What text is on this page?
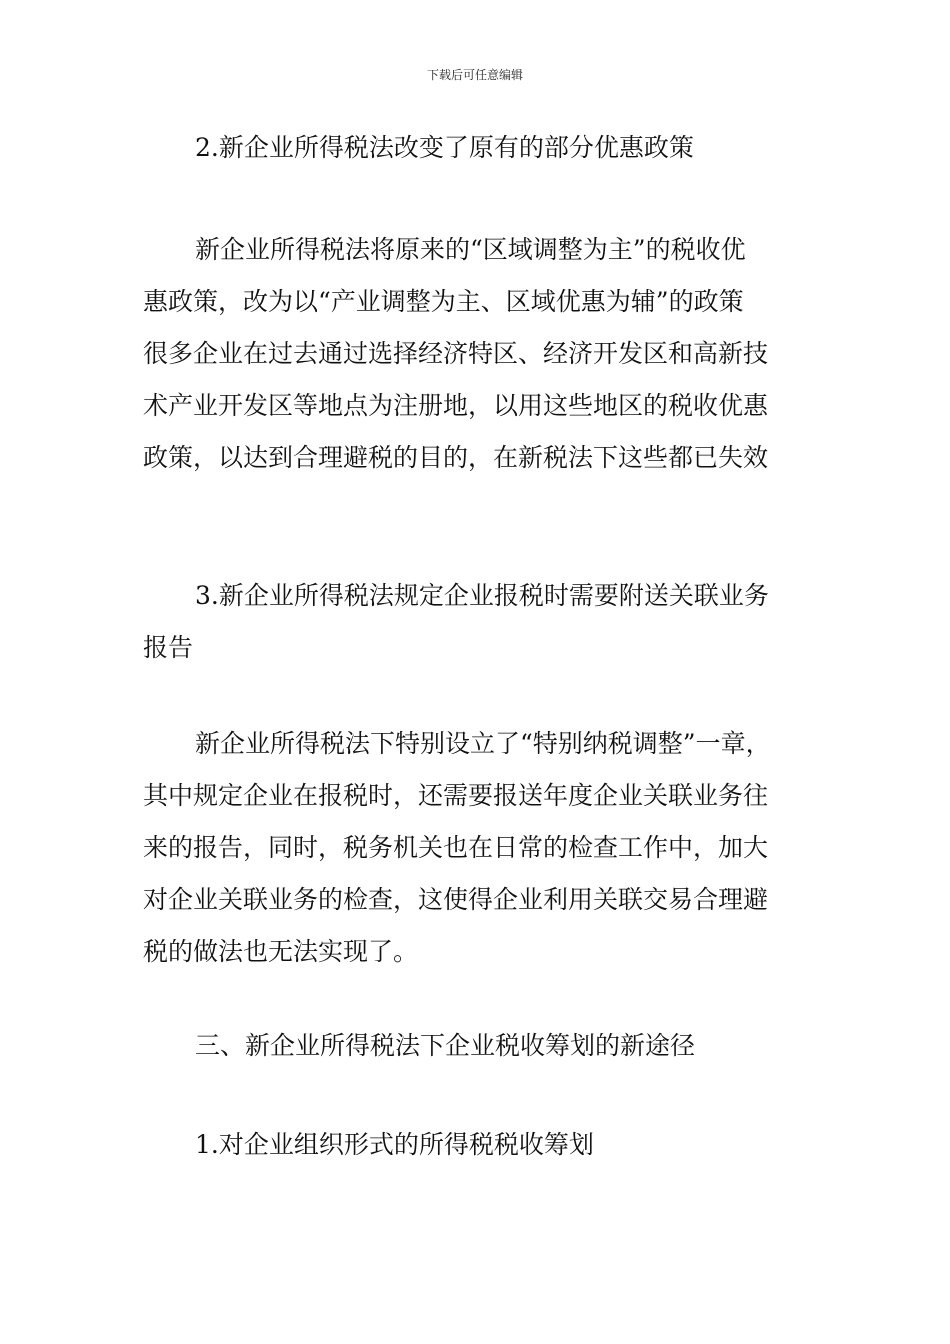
下载后可任意编辑
2.新企业所得税法改变了原有的部分优惠政策
新企业所得税法将原来的“区域调整为主”的税收优
惠政策，改为以“产业调整为主、区域优惠为辅”的政策
很多企业在过去通过选择经济特区、经济开发区和高新技
术产业开发区等地点为注册地，以用这些地区的税收优惠
政策，以达到合理避税的目的，在新税法下这些都已失效
3.新企业所得税法规定企业报税时需要附送关联业务
报告
新企业所得税法下特别设立了“特别纳税调整”一章，
其中规定企业在报税时，还需要报送年度企业关联业务往
来的报告，同时，税务机关也在日常的检查工作中，加大
对企业关联业务的检查，这使得企业利用关联交易合理避
税的做法也无法实现了。
三、新企业所得税法下企业税收筹划的新途径
1.对企业组织形式的所得税税收筹划
